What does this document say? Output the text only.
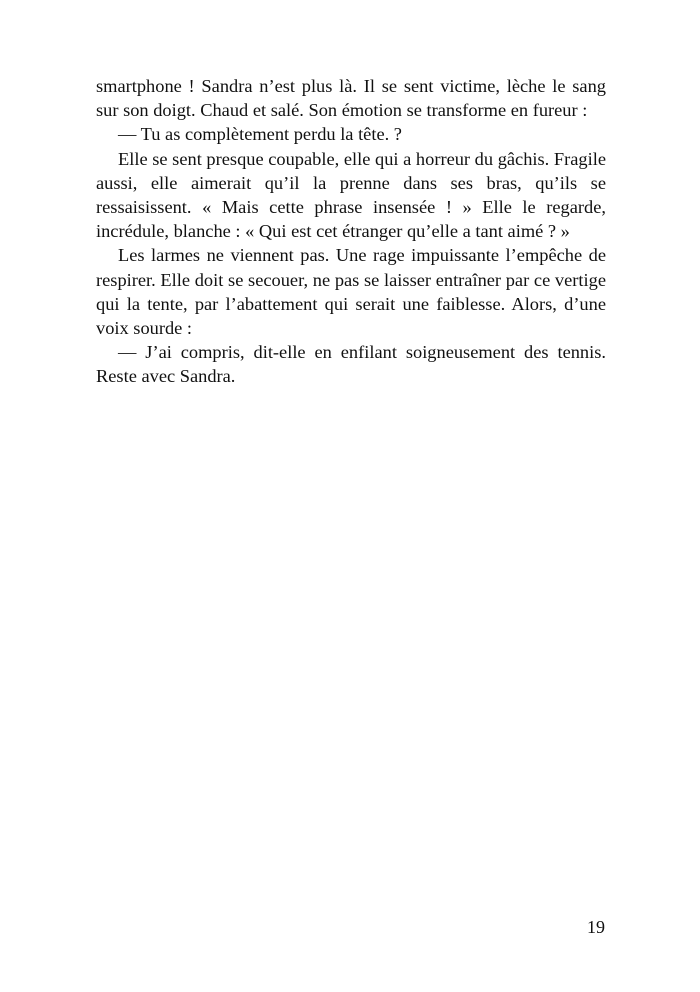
smartphone ! Sandra n’est plus là. Il se sent victime, lèche le sang sur son doigt. Chaud et salé. Son émotion se transforme en fureur :

— Tu as complètement perdu la tête. ?

Elle se sent presque coupable, elle qui a horreur du gâchis. Fragile aussi, elle aimerait qu’il la prenne dans ses bras, qu’ils se ressaisissent. « Mais cette phrase insensée ! » Elle le regarde, incrédule, blanche : « Qui est cet étranger qu’elle a tant aimé ? »

Les larmes ne viennent pas. Une rage impuissante l’empêche de respirer. Elle doit se secouer, ne pas se laisser entraîner par ce vertige qui la tente, par l’abattement qui serait une faiblesse. Alors, d’une voix sourde :

— J’ai compris, dit-elle en enfilant soigneusement des tennis. Reste avec Sandra.

19
